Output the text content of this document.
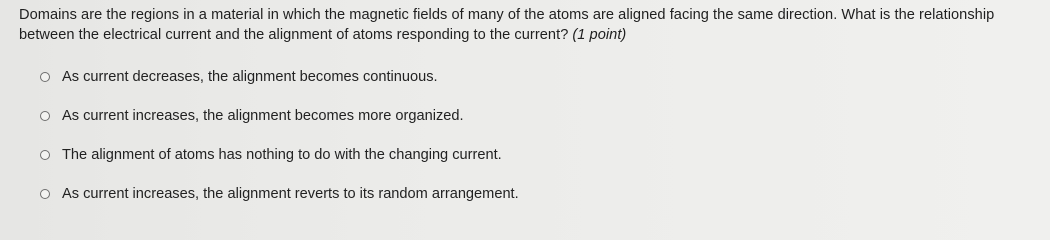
Domains are the regions in a material in which the magnetic fields of many of the atoms are aligned facing the same direction. What is the relationship between the electrical current and the alignment of atoms responding to the current? (1 point)
As current decreases, the alignment becomes continuous.
As current increases, the alignment becomes more organized.
The alignment of atoms has nothing to do with the changing current.
As current increases, the alignment reverts to its random arrangement.
